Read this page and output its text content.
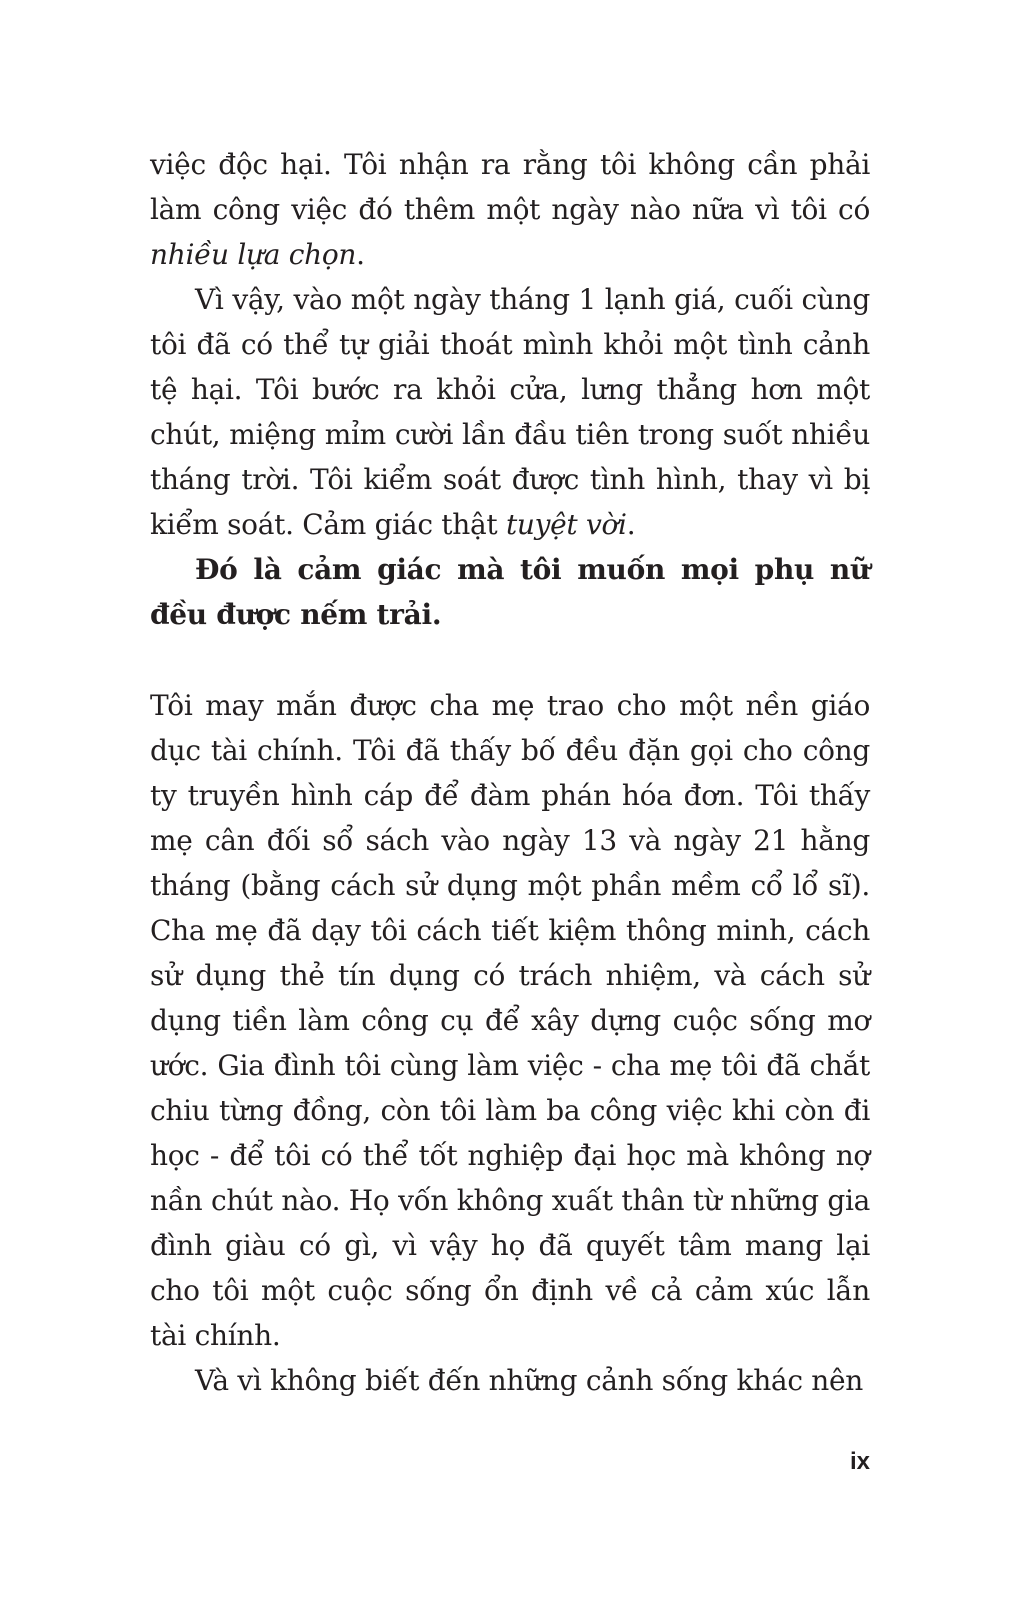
việc độc hại. Tôi nhận ra rằng tôi không cần phải làm công việc đó thêm một ngày nào nữa vì tôi có nhiều lựa chọn.

Vì vậy, vào một ngày tháng 1 lạnh giá, cuối cùng tôi đã có thể tự giải thoát mình khỏi một tình cảnh tệ hại. Tôi bước ra khỏi cửa, lưng thẳng hơn một chút, miệng mỉm cười lần đầu tiên trong suốt nhiều tháng trời. Tôi kiểm soát được tình hình, thay vì bị kiểm soát. Cảm giác thật tuyệt vời.

Đó là cảm giác mà tôi muốn mọi phụ nữ đều được nếm trải.

Tôi may mắn được cha mẹ trao cho một nền giáo dục tài chính. Tôi đã thấy bố đều đặn gọi cho công ty truyền hình cáp để đàm phán hóa đơn. Tôi thấy mẹ cân đối sổ sách vào ngày 13 và ngày 21 hằng tháng (bằng cách sử dụng một phần mềm cổ lổ sĩ). Cha mẹ đã dạy tôi cách tiết kiệm thông minh, cách sử dụng thẻ tín dụng có trách nhiệm, và cách sử dụng tiền làm công cụ để xây dựng cuộc sống mơ ước. Gia đình tôi cùng làm việc - cha mẹ tôi đã chắt chiu từng đồng, còn tôi làm ba công việc khi còn đi học - để tôi có thể tốt nghiệp đại học mà không nợ nần chút nào. Họ vốn không xuất thân từ những gia đình giàu có gì, vì vậy họ đã quyết tâm mang lại cho tôi một cuộc sống ổn định về cả cảm xúc lẫn tài chính.

Và vì không biết đến những cảnh sống khác nên

ix
